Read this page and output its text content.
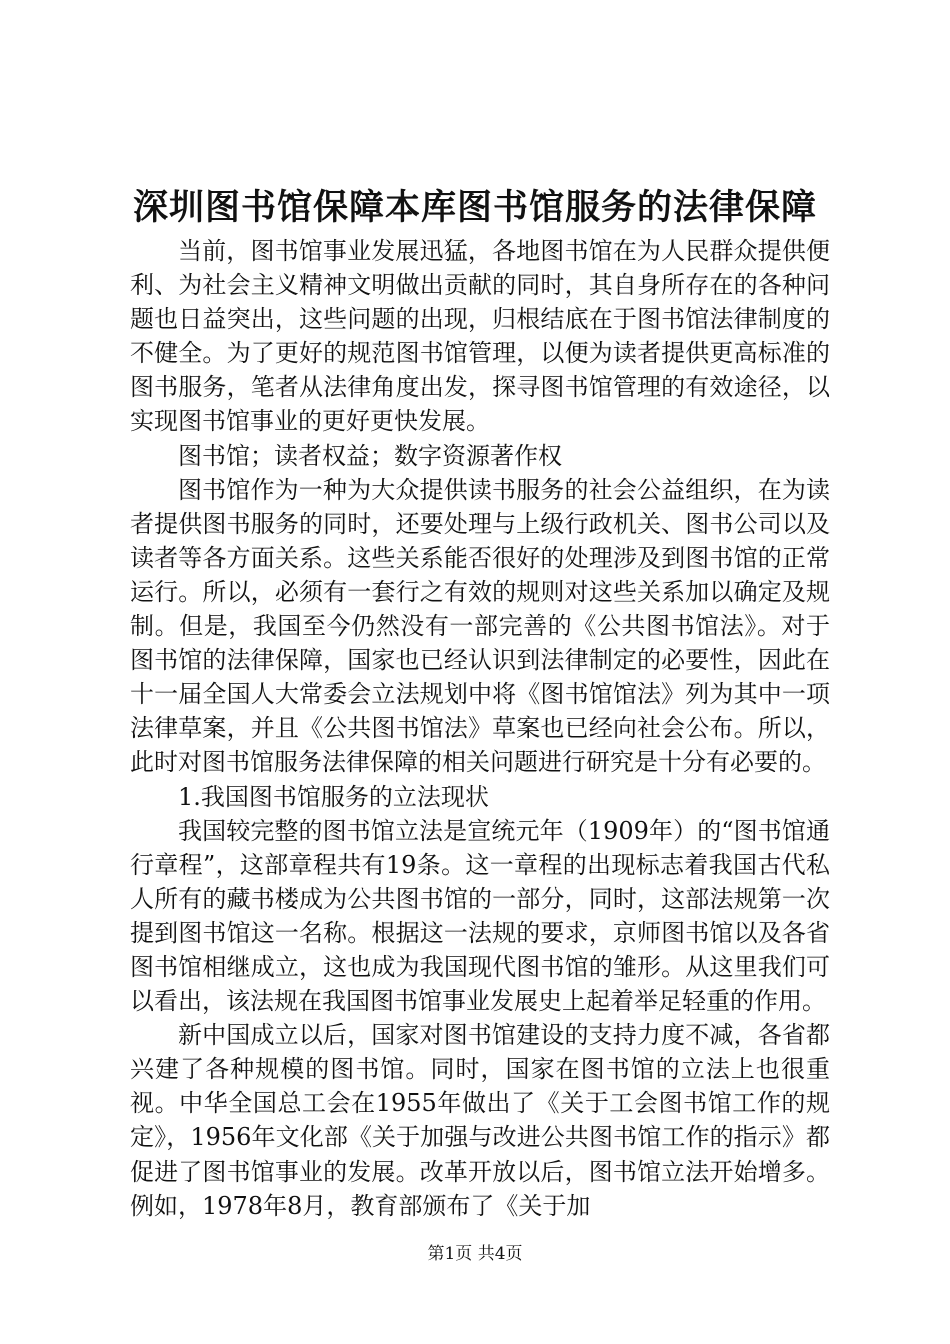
深圳图书馆保障本库图书馆服务的法律保障

当前，图书馆事业发展迅猛，各地图书馆在为人民群众提供便利、为社会主义精神文明做出贡献的同时，其自身所存在的各种问题也日益突出，这些问题的出现，归根结底在于图书馆法律制度的不健全。为了更好的规范图书馆管理，以便为读者提供更高标准的图书服务，笔者从法律角度出发，探寻图书馆管理的有效途径，以实现图书馆事业的更好更快发展。

图书馆；读者权益；数字资源著作权

图书馆作为一种为大众提供读书服务的社会公益组织，在为读者提供图书服务的同时，还要处理与上级行政机关、图书公司以及读者等各方面关系。这些关系能否很好的处理涉及到图书馆的正常运行。所以，必须有一套行之有效的规则对这些关系加以确定及规制。但是，我国至今仍然没有一部完善的《公共图书馆法》。对于图书馆的法律保障，国家也已经认识到法律制定的必要性，因此在十一届全国人大常委会立法规划中将《图书馆馆法》列为其中一项法律草案，并且《公共图书馆法》草案也已经向社会公布。所以，此时对图书馆服务法律保障的相关问题进行研究是十分有必要的。

1.我国图书馆服务的立法现状

我国较完整的图书馆立法是宣统元年（1909年）的“图书馆通行章程”，这部章程共有19条。这一章程的出现标志着我国古代私人所有的藏书楼成为公共图书馆的一部分，同时，这部法规第一次提到图书馆这一名称。根据这一法规的要求，京师图书馆以及各省图书馆相继成立，这也成为我国现代图书馆的雏形。从这里我们可以看出，该法规在我国图书馆事业发展史上起着举足轻重的作用。

新中国成立以后，国家对图书馆建设的支持力度不减，各省都兴建了各种规模的图书馆。同时，国家在图书馆的立法上也很重视。中华全国总工会在1955年做出了《关于工会图书馆工作的规定》，1956年文化部《关于加强与改进公共图书馆工作的指示》都促进了图书馆事业的发展。改革开放以后，图书馆立法开始增多。例如，1978年8月，教育部颁布了《关于加

第1页 共4页
